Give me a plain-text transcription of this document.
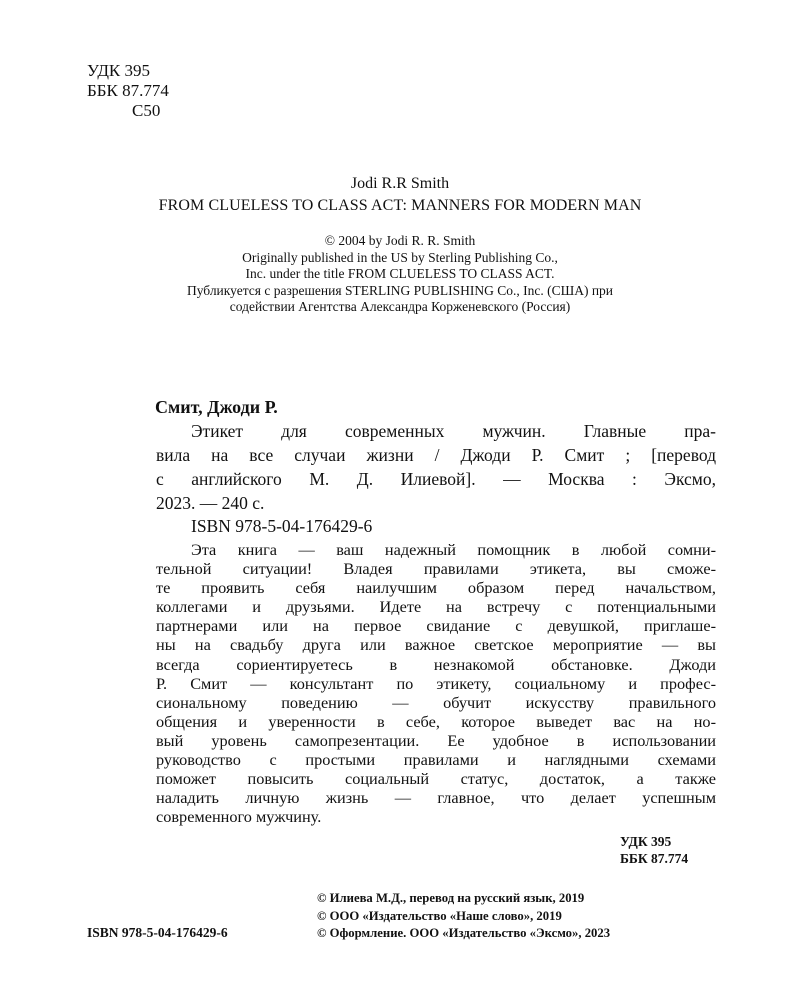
УДК 395
ББК 87.774
С50
Jodi R.R Smith
FROM CLUELESS TO CLASS ACT: MANNERS FOR MODERN MAN
© 2004 by Jodi R. R. Smith
Originally published in the US by Sterling Publishing Co.,
Inc. under the title FROM CLUELESS TO CLASS ACT.
Публикуется с разрешения STERLING PUBLISHING Co., Inc. (США) при
содействии Агентства Александра Корженевского (Россия)
Смит, Джоди Р.
Этикет для современных мужчин. Главные пра-
вила на все случаи жизни / Джоди Р. Смит ; [перевод
с английского М. Д. Илиевой]. — Москва : Эксмо,
2023. — 240 с.
ISBN 978-5-04-176429-6
Эта книга — ваш надежный помощник в любой сомни-
тельной ситуации! Владея правилами этикета, вы сможе-
те проявить себя наилучшим образом перед начальством,
коллегами и друзьями. Идете на встречу с потенциальными
партнерами или на первое свидание с девушкой, приглаше-
ны на свадьбу друга или важное светское мероприятие — вы
всегда сориентируетесь в незнакомой обстановке. Джоди
Р. Смит — консультант по этикету, социальному и профес-
сиональному поведению — обучит искусству правильного
общения и уверенности в себе, которое выведет вас на но-
вый уровень самопрезентации. Ее удобное в использовании
руководство с простыми правилами и наглядными схемами
поможет повысить социальный статус, достаток, а также
наладить личную жизнь — главное, что делает успешным
современного мужчину.
УДК 395
ББК 87.774
© Илиева М.Д., перевод на русский язык, 2019
© ООО «Издательство «Наше слово», 2019
© Оформление. ООО «Издательство «Эксмо», 2023
ISBN 978-5-04-176429-6
